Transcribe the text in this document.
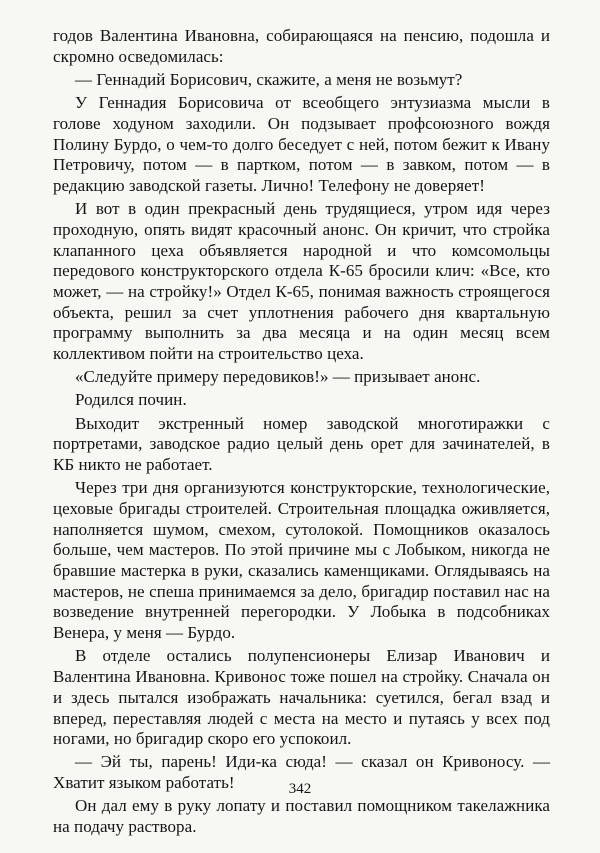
годов Валентина Ивановна, собирающаяся на пенсию, подошла и скромно осведомилась:

— Геннадий Борисович, скажите, а меня не возьмут?

У Геннадия Борисовича от всеобщего энтузиазма мысли в голове ходуном заходили. Он подзывает профсоюзного вождя Полину Бурдо, о чем-то долго беседует с ней, потом бежит к Ивану Петровичу, потом — в партком, потом — в завком, потом — в редакцию заводской газеты. Лично! Телефону не доверяет!

И вот в один прекрасный день трудящиеся, утром идя через проходную, опять видят красочный анонс. Он кричит, что стройка клапанного цеха объявляется народной и что комсомольцы передового конструкторского отдела К-65 бросили клич: «Все, кто может, — на стройку!» Отдел К-65, понимая важность строящегося объекта, решил за счет уплотнения рабочего дня квартальную программу выполнить за два месяца и на один месяц всем коллективом пойти на строительство цеха.

«Следуйте примеру передовиков!» — призывает анонс.

Родился почин.

Выходит экстренный номер заводской многотиражки с портретами, заводское радио целый день орет для зачинателей, в КБ никто не работает.

Через три дня организуются конструкторские, технологические, цеховые бригады строителей. Строительная площадка оживляется, наполняется шумом, смехом, сутолокой. Помощников оказалось больше, чем мастеров. По этой причине мы с Лобыком, никогда не бравшие мастерка в руки, сказались каменщиками. Оглядываясь на мастеров, не спеша принимаемся за дело, бригадир поставил нас на возведение внутренней перегородки. У Лобыка в подсобниках Венера, у меня — Бурдо.

В отделе остались полупенсионеры Елизар Иванович и Валентина Ивановна. Кривонос тоже пошел на стройку. Сначала он и здесь пытался изображать начальника: суетился, бегал взад и вперед, переставляя людей с места на место и путаясь у всех под ногами, но бригадир скоро его успокоил.

— Эй ты, парень! Иди-ка сюда! — сказал он Кривоносу. — Хватит языком работать!

Он дал ему в руку лопату и поставил помощником такелажника на подачу раствора.

342
